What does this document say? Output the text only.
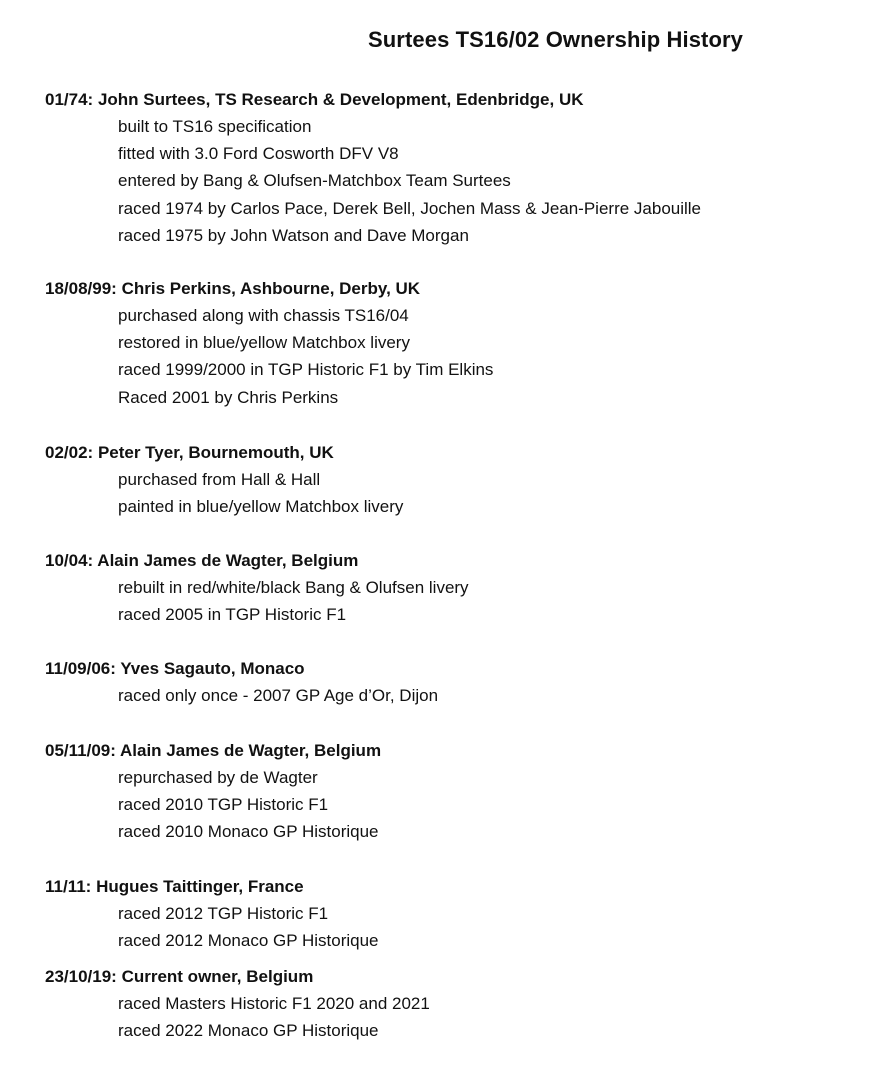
Surtees TS16/02 Ownership History
01/74: John Surtees, TS Research & Development, Edenbridge, UK
built to TS16 specification
fitted with 3.0 Ford Cosworth DFV V8
entered by Bang & Olufsen-Matchbox Team Surtees
raced 1974 by Carlos Pace, Derek Bell, Jochen Mass & Jean-Pierre Jabouille
raced 1975 by John Watson and Dave Morgan
18/08/99: Chris Perkins, Ashbourne, Derby, UK
purchased along with chassis TS16/04
restored in blue/yellow Matchbox livery
raced 1999/2000 in TGP Historic F1 by Tim Elkins
Raced 2001 by Chris Perkins
02/02: Peter Tyer, Bournemouth, UK
purchased from Hall & Hall
painted in blue/yellow Matchbox livery
10/04: Alain James de Wagter, Belgium
rebuilt in red/white/black Bang & Olufsen livery
raced 2005 in TGP Historic F1
11/09/06: Yves Sagauto, Monaco
raced only once - 2007 GP Age d’Or, Dijon
05/11/09: Alain James de Wagter, Belgium
repurchased by de Wagter
raced 2010 TGP Historic F1
raced 2010 Monaco GP Historique
11/11: Hugues Taittinger, France
raced 2012 TGP Historic F1
raced 2012 Monaco GP Historique
23/10/19: Current owner, Belgium
raced Masters Historic F1 2020 and 2021
raced 2022 Monaco GP Historique
